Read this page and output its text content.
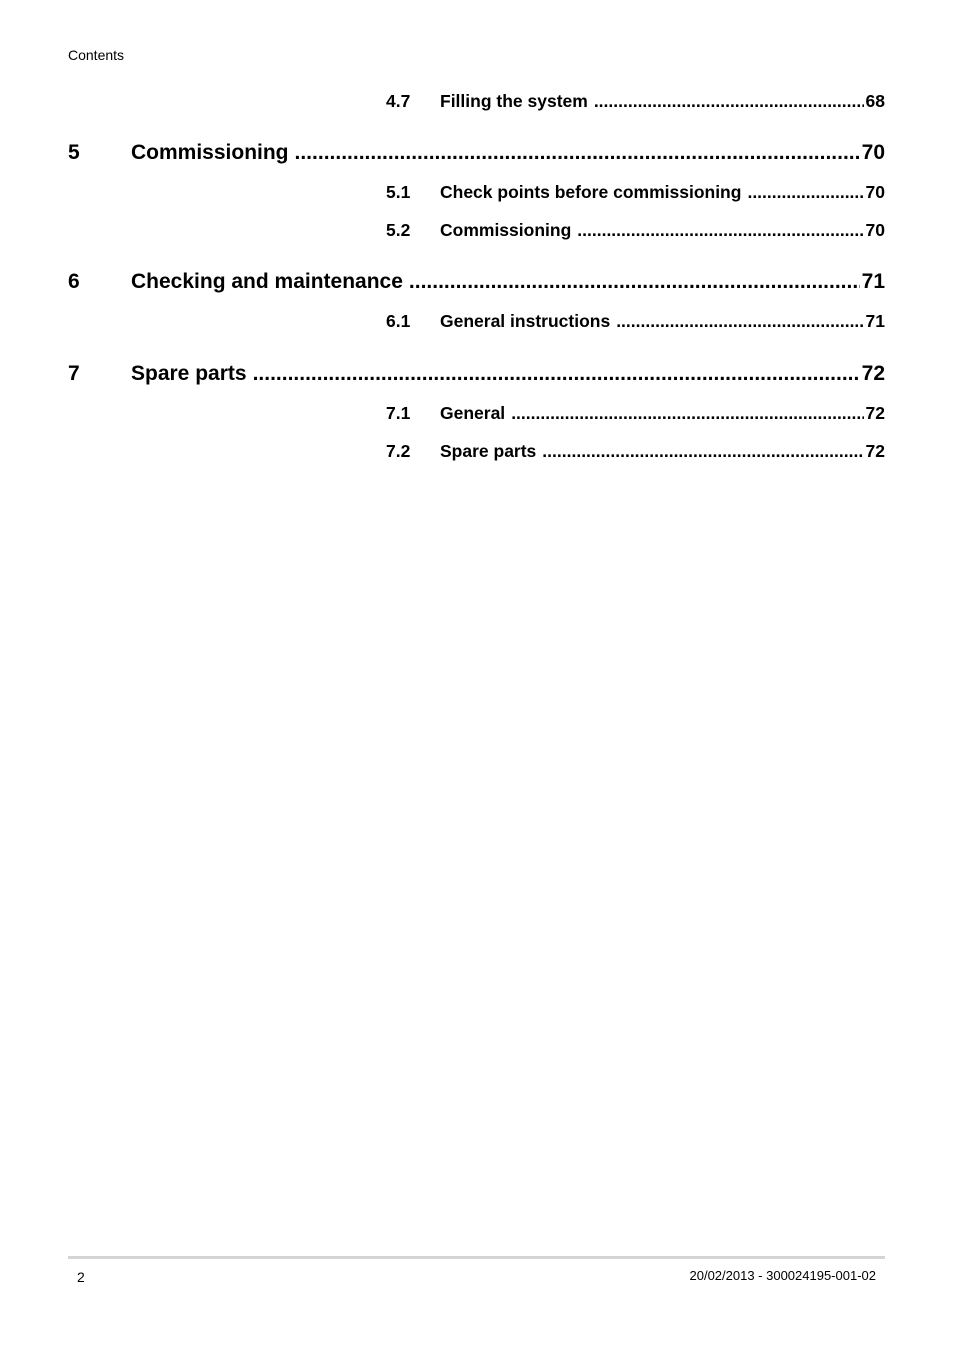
Contents
4.7	Filling the system .....	68
5	Commissioning .....	70
5.1	Check points before commissioning .....	70
5.2	Commissioning .....	70
6	Checking and maintenance .....	71
6.1	General instructions .....	71
7	Spare parts .....	72
7.1	General .....	72
7.2	Spare parts .....	72
2	20/02/2013 - 300024195-001-02
